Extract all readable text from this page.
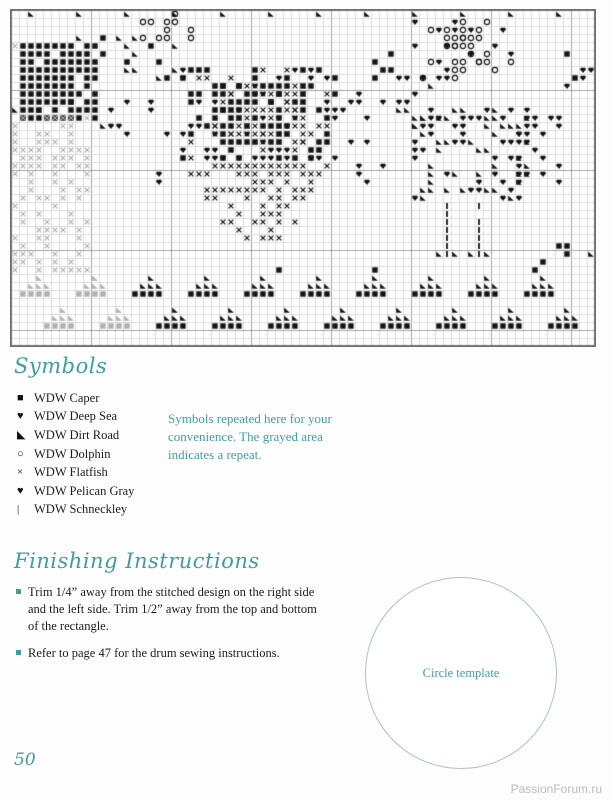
Symbols
■ WDW Caper
♥ WDW Deep Sea
◣ WDW Dirt Road
○ WDW Dolphin
× WDW Flatfish
♥ WDW Pelican Gray
|	WDW Schneckley
Symbols repeated here for your convenience. The grayed area indicates a repeat.
Finishing Instructions
Trim 1/4” away from the stitched design on the right side and the left side. Trim 1/2” away from the top and bottom of the rectangle.
Refer to page 47 for the drum sewing instructions.
Circle template
50
PassionForum.ru
